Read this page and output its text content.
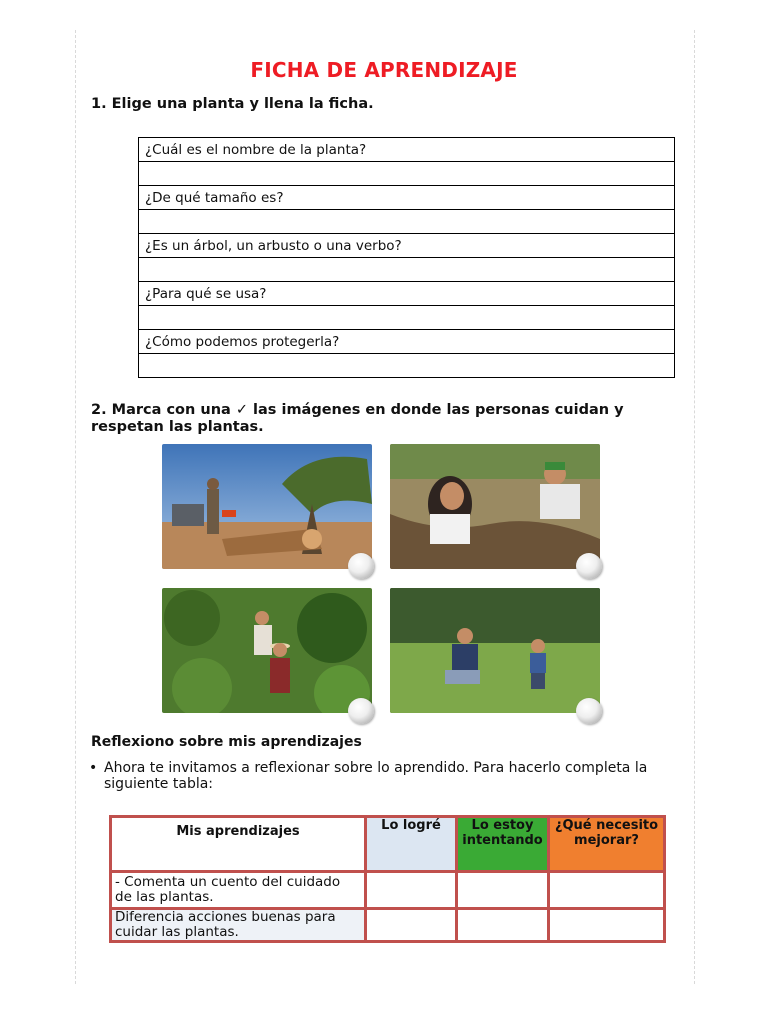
FICHA DE APRENDIZAJE
1. Elige una planta y llena la ficha.
¿Cuál es el nombre de la planta?

¿De qué tamaño es?

¿Es un árbol, un arbusto o una verbo?

¿Para qué se usa?

¿Cómo podemos protegerla?

2. Marca con una ✓ las imágenes en donde las personas cuidan y
respetan las plantas.
Reflexiono sobre mis aprendizajes
• Ahora te invitamos a reflexionar sobre lo aprendido. Para hacerlo completa la siguiente tabla:
Mis aprendizajes	Lo logré	Lo estoy intentando	¿Qué necesito mejorar?
- Comenta un cuento del cuidado de las plantas.			
Diferencia acciones buenas para cuidar las plantas.			
